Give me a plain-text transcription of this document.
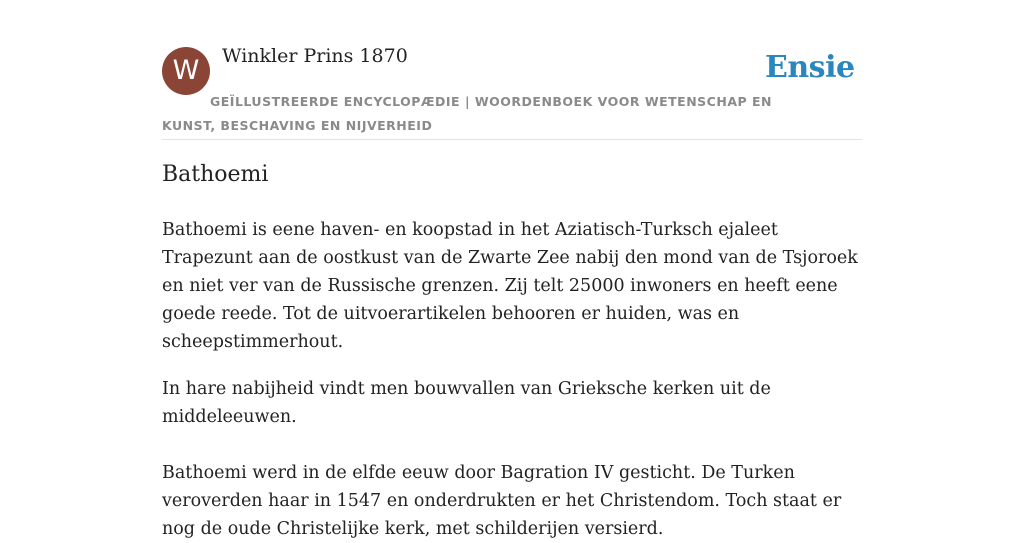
W	Winkler Prins 1870	Ensie
GEÏLLUSTREERDE ENCYCLOPÆDIE | WOORDENBOEK VOOR WETENSCHAP EN KUNST, BESCHAVING EN NIJVERHEID
Bathoemi

Bathoemi is eene haven- en koopstad in het Aziatisch-Turksch ejaleet Trapezunt aan de oostkust van de Zwarte Zee nabij den mond van de Tsjoroek en niet ver van de Russische grenzen. Zij telt 25000 inwoners en heeft eene goede reede. Tot de uitvoerartikelen behooren er huiden, was en scheepstimmerhout.

In hare nabijheid vindt men bouwvallen van Grieksche kerken uit de middeleeuwen.

Bathoemi werd in de elfde eeuw door Bagration IV gesticht. De Turken veroverden haar in 1547 en onderdrukten er het Christendom. Toch staat er nog de oude Christelijke kerk, met schilderijen versierd.
